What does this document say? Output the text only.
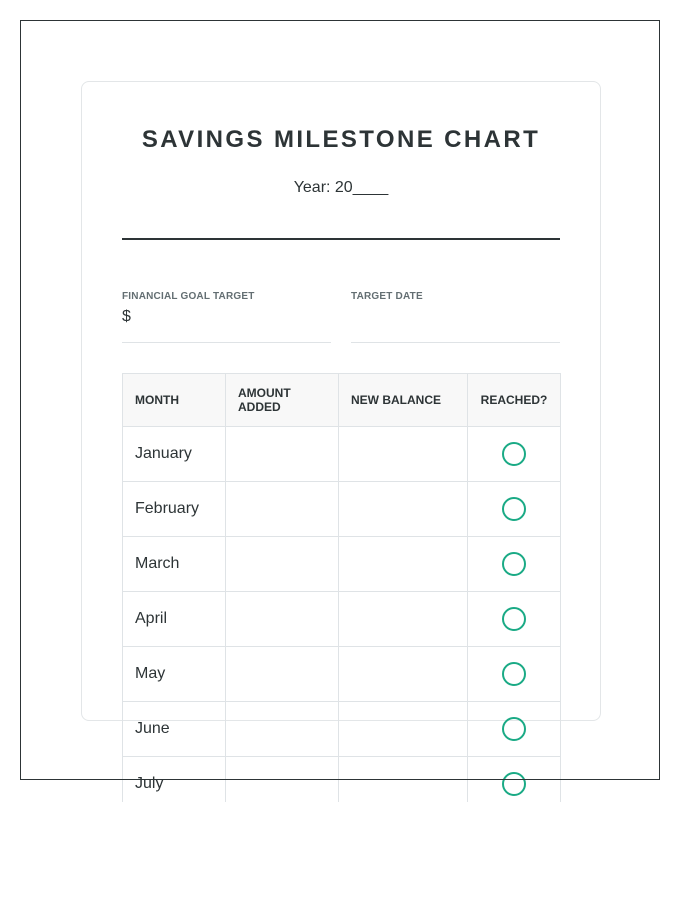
SAVINGS MILESTONE CHART
Year: 20____
FINANCIAL GOAL TARGET
$
TARGET DATE
MONTH	AMOUNT ADDED	NEW BALANCE	REACHED?
January			
February			
March			
April			
May			
June			
July			
